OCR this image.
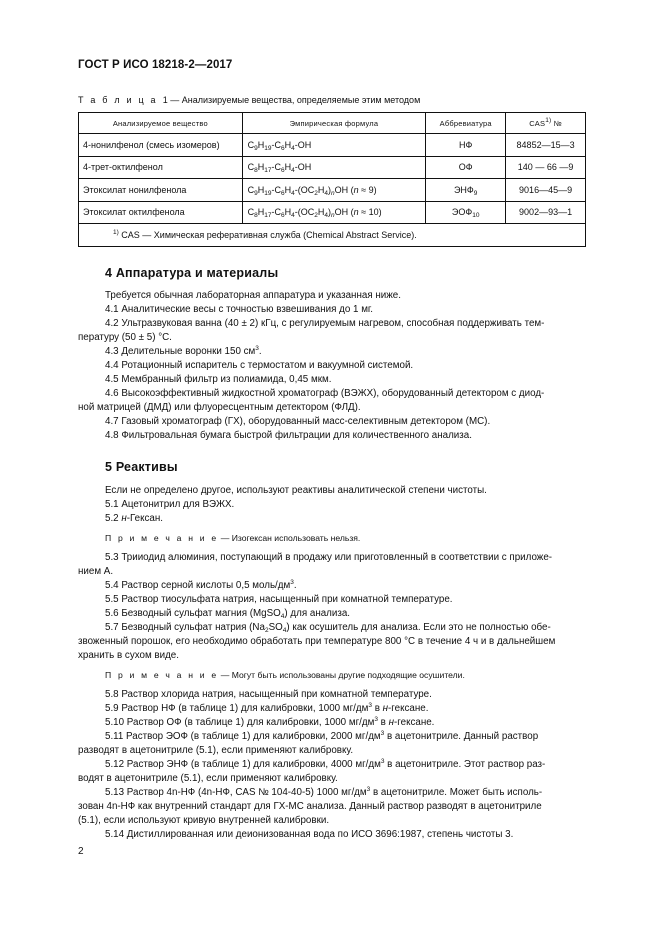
ГОСТ Р ИСО 18218-2—2017
Т а б л и ц а 1 — Анализируемые вещества, определяемые этим методом
Анализируемое вещество	Эмпирическая формула	Аббревиатура	CAS$^{1)}$ №
4-нонилфенол (смесь изомеров)	$C_9H_{19}-C_6H_4-OH$	НФ	84852—15—3
4-трет-октилфенол	$C_8H_{17}-C_6H_4-OH$	ОФ	140 — 66 —9
Этоксилат нонилфенола	$C_9H_{19}-C_6H_4-(OC_2H_4)_nOH$ (n ≈ 9)	$ЭНФ_9$	9016—45—9
Этоксилат октилфенола	$C_8H_{17}-C_6H_4-(OC_2H_4)_nOH$ (n ≈ 10)	$ЭОФ_{10}$	9002—93—1
$^{1)}$ CAS — Химическая реферативная служба (Chemical Abstract Service).			
4 Аппаратура и материалы
Требуется обычная лабораторная аппаратура и указанная ниже.
4.1 Аналитические весы с точностью взвешивания до 1 мг.
4.2 Ультразвуковая ванна (40 ± 2) кГц, с регулируемым нагревом, способная поддерживать тем-
пературу (50 ± 5) °С.
4.3 Делительные воронки 150 $см^3$.
4.4 Ротационный испаритель с термостатом и вакуумной системой.
4.5 Мембранный фильтр из полиамида, 0,45 мкм.
4.6 Высокоэффективный жидкостной хроматограф (ВЭЖХ), оборудованный детектором с диод-
ной матрицей (ДМД) или флуоресцентным детектором (ФЛД).
4.7 Газовый хроматограф (ГХ), оборудованный масс-селективным детектором (МС).
4.8 Фильтровальная бумага быстрой фильтрации для количественного анализа.
5 Реактивы
Если не определено другое, используют реактивы аналитической степени чистоты.
5.1 Ацетонитрил для ВЭЖХ.
5.2 н-Гексан.
П р и м е ч а н и е — Изогексан использовать нельзя.
5.3 Трииодид алюминия, поступающий в продажу или приготовленный в соответствии с приложе-
нием А.
5.4 Раствор серной кислоты 0,5 моль/$дм^3$.
5.5 Раствор тиосульфата натрия, насыщенный при комнатной температуре.
5.6 Безводный сульфат магния (MgSO$_4$) для анализа.
5.7 Безводный сульфат натрия $(Na_2SO_4)$ как осушитель для анализа. Если это не полностью обе-
звоженный порошок, его необходимо обработать при температуре 800 °С в течение 4 ч и в дальнейшем
хранить в сухом виде.
П р и м е ч а н и е — Могут быть использованы другие подходящие осушители.
5.8 Раствор хлорида натрия, насыщенный при комнатной температуре.
5.9 Раствор НФ (в таблице 1) для калибровки, 1000 $мг/дм^3$ в н-гексане.
5.10 Раствор ОФ (в таблице 1) для калибровки, 1000 $мг/дм^3$ в н-гексане.
5.11 Раствор ЭОФ (в таблице 1) для калибровки, 2000 $мг/дм^3$ в ацетонитриле. Данный раствор
разводят в ацетонитриле (5.1), если применяют калибровку.
5.12 Раствор ЭНФ (в таблице 1) для калибровки, 4000 $мг/дм^3$ в ацетонитриле. Этот раствор раз-
водят в ацетонитриле (5.1), если применяют калибровку.
5.13 Раствор 4n-НФ (4n-НФ, CAS № 104-40-5) 1000 $мг/дм^3$ в ацетонитриле. Может быть исполь-
зован 4n-НФ как внутренний стандарт для ГХ-МС анализа. Данный раствор разводят в ацетонитриле
(5.1), если используют кривую внутренней калибровки.
5.14 Дистиллированная или деионизованная вода по ИСО 3696:1987, степень чистоты 3.
2
